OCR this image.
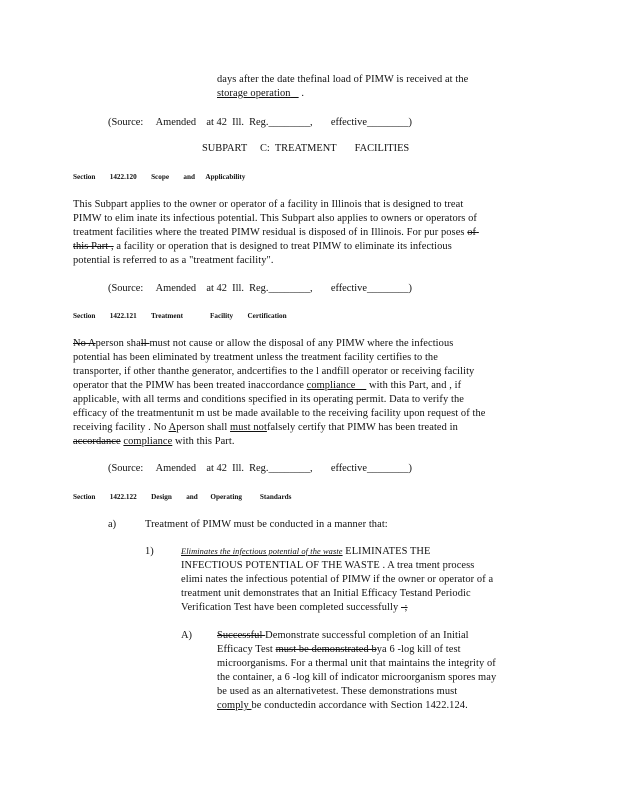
days after the date thefinal load of PIMW is received at the
storage operation    .
(Source: Amended at 42  Ill.  Reg.________, effective________)
SUBPART     C:  TREATMENT       FACILITIES
Section        1422.120 Scope        and      Applicability
This Subpart applies to the owner or operator of a facility in Illinois that is designed to treat
PIMW to elim inate its infectious potential. This Subpart also applies to owners or operators of
treatment facilities where the treated PIMW residual is disposed of in Illinois. For pur poses of
this Part , a facility or operation that is designed to treat PIMW to eliminate its infectious
potential is referred to as a "treatment facility".
(Source: Amended at 42  Ill.  Reg.________, effective________)
Section        1422.121 Treatment               Facility        Certification
No Aperson shall must not cause or allow the disposal of any PIMW where the infectious
potential has been eliminated by treatment unless the treatment facility certifies to the
transporter, if other thanthe generator, andcertifies to the l andfill operator or receiving facility
operator that the PIMW has been treated inaccordance compliance with this Part, and , if
applicable, with all terms and conditions specified in its operating permit. Data to verify the
efficacy of the treatmentunit m ust be made available to the receiving facility upon request of the
receiving facility . No Aperson shall must notfalsely certify that PIMW has been treated in
accordance compliance with this Part.
(Source: Amended at 42  Ill.  Reg.________, effective________)
Section        1422.122 Design        and       Operating          Standards
a)	Treatment of PIMW must be conducted in a manner that:
1)	Eliminates the infectious potential of the waste ELIMINATES THE
INFECTIOUS POTENTIAL OF THE WASTE . A trea tment process
elimi nates the infectious potential of PIMW if the owner or operator of a
treatment unit demonstrates that an Initial Efficacy Testand Periodic
Verification Test have been completed successfully -;
A) Successful Demonstrate successful completion of an Initial
Efficacy Test must be demonstrated bya 6 -log kill of test
microorganisms. For a thermal unit that maintains the integrity of
the container, a 6 -log kill of indicator microorganism spores may
be used as an alternativetest. These demonstrations must
comply be conductedin accordance with Section 1422.124.
